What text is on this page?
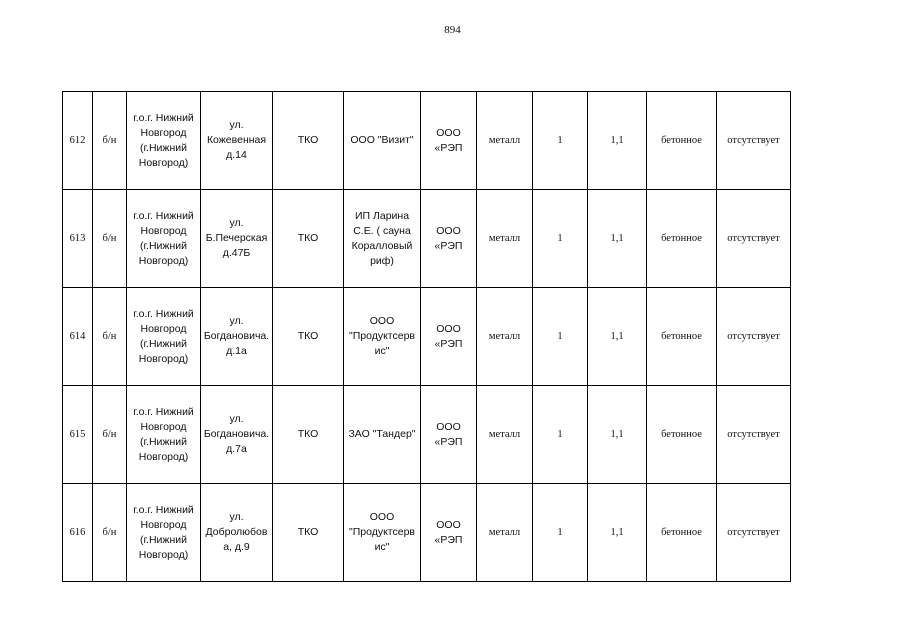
894
612	б/н	г.о.г. Нижний
Новгород
(г.Нижний
Новгород)	ул.
Кожевенная
д.14	ТКО	ООО "Визит"	ООО
«РЭП	металл	1	1,1	бетонное	отсутствует
613	б/н	г.о.г. Нижний
Новгород
(г.Нижний
Новгород)	ул.
Б.Печерская
д.47Б	ТКО	ИП Ларина
С.Е. ( сауна
Коралловый
риф)	ООО
«РЭП	металл	1	1,1	бетонное	отсутствует
614	б/н	г.о.г. Нижний
Новгород
(г.Нижний
Новгород)	ул.
Богдановича.
д.1а	ТКО	ООО
"Продуктсерв
ис"	ООО
«РЭП	металл	1	1,1	бетонное	отсутствует
615	б/н	г.о.г. Нижний
Новгород
(г.Нижний
Новгород)	ул.
Богдановича.
д.7а	ТКО	ЗАО "Тандер"	ООО
«РЭП	металл	1	1,1	бетонное	отсутствует
616	б/н	г.о.г. Нижний
Новгород
(г.Нижний
Новгород)	ул.
Добролюбов
а, д.9	ТКО	ООО
"Продуктсерв
ис"	ООО
«РЭП	металл	1	1,1	бетонное	отсутствует
